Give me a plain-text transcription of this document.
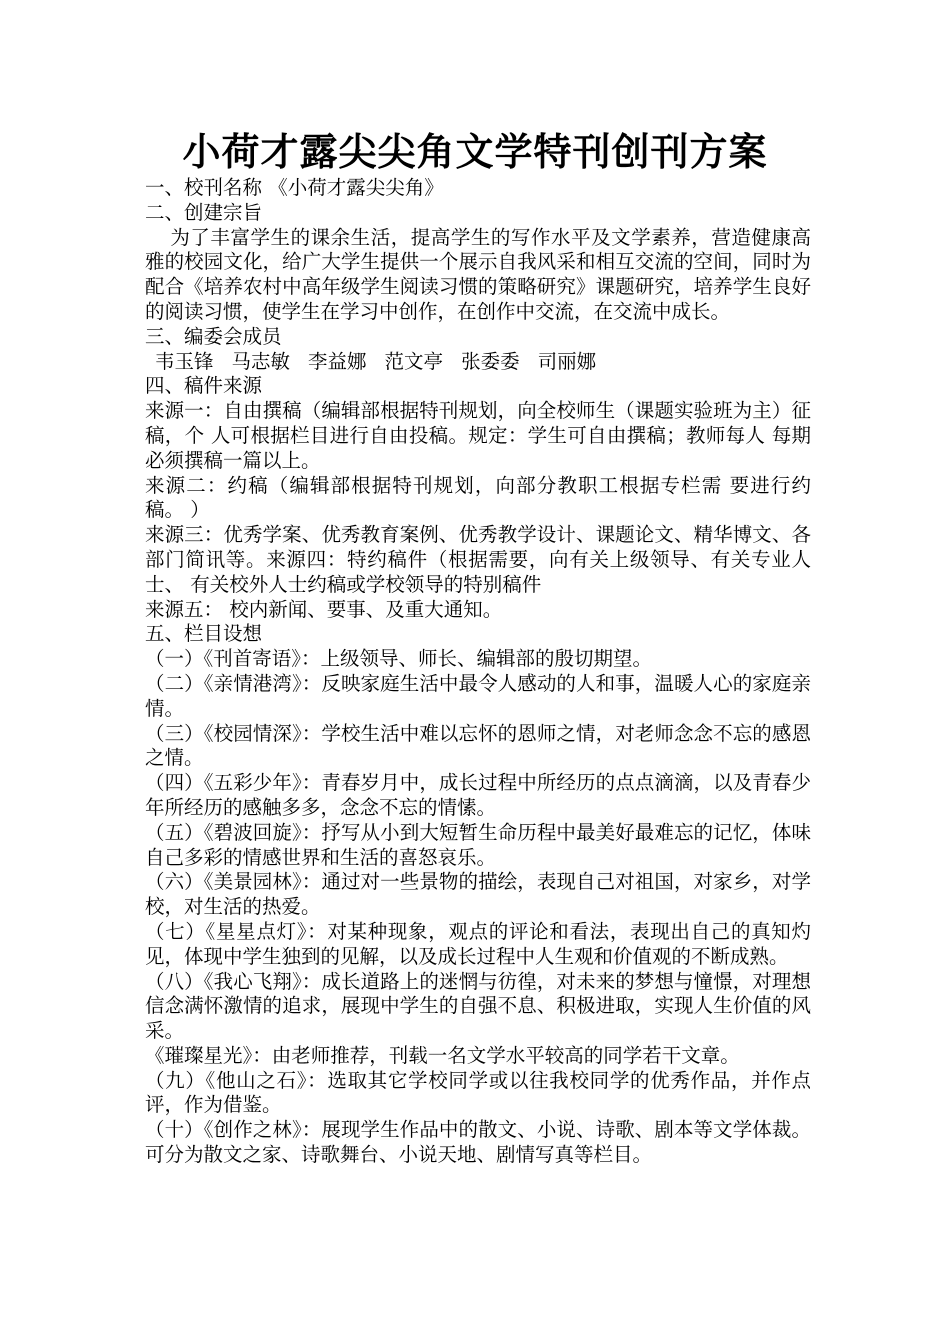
小荷才露尖尖角文学特刊创刊方案

一、校刊名称 《小荷才露尖尖角》

二、创建宗旨

为了丰富学生的课余生活，提高学生的写作水平及文学素养，营造健康高雅的校园文化，给广大学生提供一个展示自我风采和相互交流的空间，同时为配合《培养农村中高年级学生阅读习惯的策略研究》课题研究，培养学生良好的阅读习惯，使学生在学习中创作，在创作中交流，在交流中成长。

三、编委会成员

韦玉锋 马志敏 李益娜 范文亭 张委委 司丽娜

四、稿件来源

来源一：自由撰稿（编辑部根据特刊规划，向全校师生（课题实验班为主）征稿，个 人可根据栏目进行自由投稿。规定：学生可自由撰稿；教师每人 每期必须撰稿一篇以上。

来源二：约稿（编辑部根据特刊规划，向部分教职工根据专栏需 要进行约稿。 ）

来源三：优秀学案、优秀教育案例、优秀教学设计、课题论文、精华博文、各部门简讯等。来源四：特约稿件（根据需要，向有关上级领导、有关专业人士、 有关校外人士约稿或学校领导的特别稿件

来源五： 校内新闻、要事、及重大通知。

五、栏目设想

（一）《刊首寄语》：上级领导、师长、编辑部的殷切期望。

（二）《亲情港湾》：反映家庭生活中最令人感动的人和事，温暖人心的家庭亲情。

（三）《校园情深》：学校生活中难以忘怀的恩师之情，对老师念念不忘的感恩之情。

（四）《五彩少年》：青春岁月中，成长过程中所经历的点点滴滴，以及青春少年所经历的感触多多，念念不忘的情愫。

（五）《碧波回旋》：抒写从小到大短暂生命历程中最美好最难忘的记忆，体味自己多彩的情感世界和生活的喜怒哀乐。

（六）《美景园林》：通过对一些景物的描绘，表现自己对祖国，对家乡，对学校，对生活的热爱。

（七）《星星点灯》：对某种现象，观点的评论和看法，表现出自己的真知灼见，体现中学生独到的见解，以及成长过程中人生观和价值观的不断成熟。

（八）《我心飞翔》：成长道路上的迷惘与彷徨，对未来的梦想与憧憬，对理想信念满怀激情的追求，展现中学生的自强不息、积极进取，实现人生价值的风采。

《璀璨星光》：由老师推荐，刊载一名文学水平较高的同学若干文章。

（九）《他山之石》：选取其它学校同学或以往我校同学的优秀作品，并作点评，作为借鉴。

（十）《创作之林》：展现学生作品中的散文、小说、诗歌、剧本等文学体裁。可分为散文之家、诗歌舞台、小说天地、剧情写真等栏目。
